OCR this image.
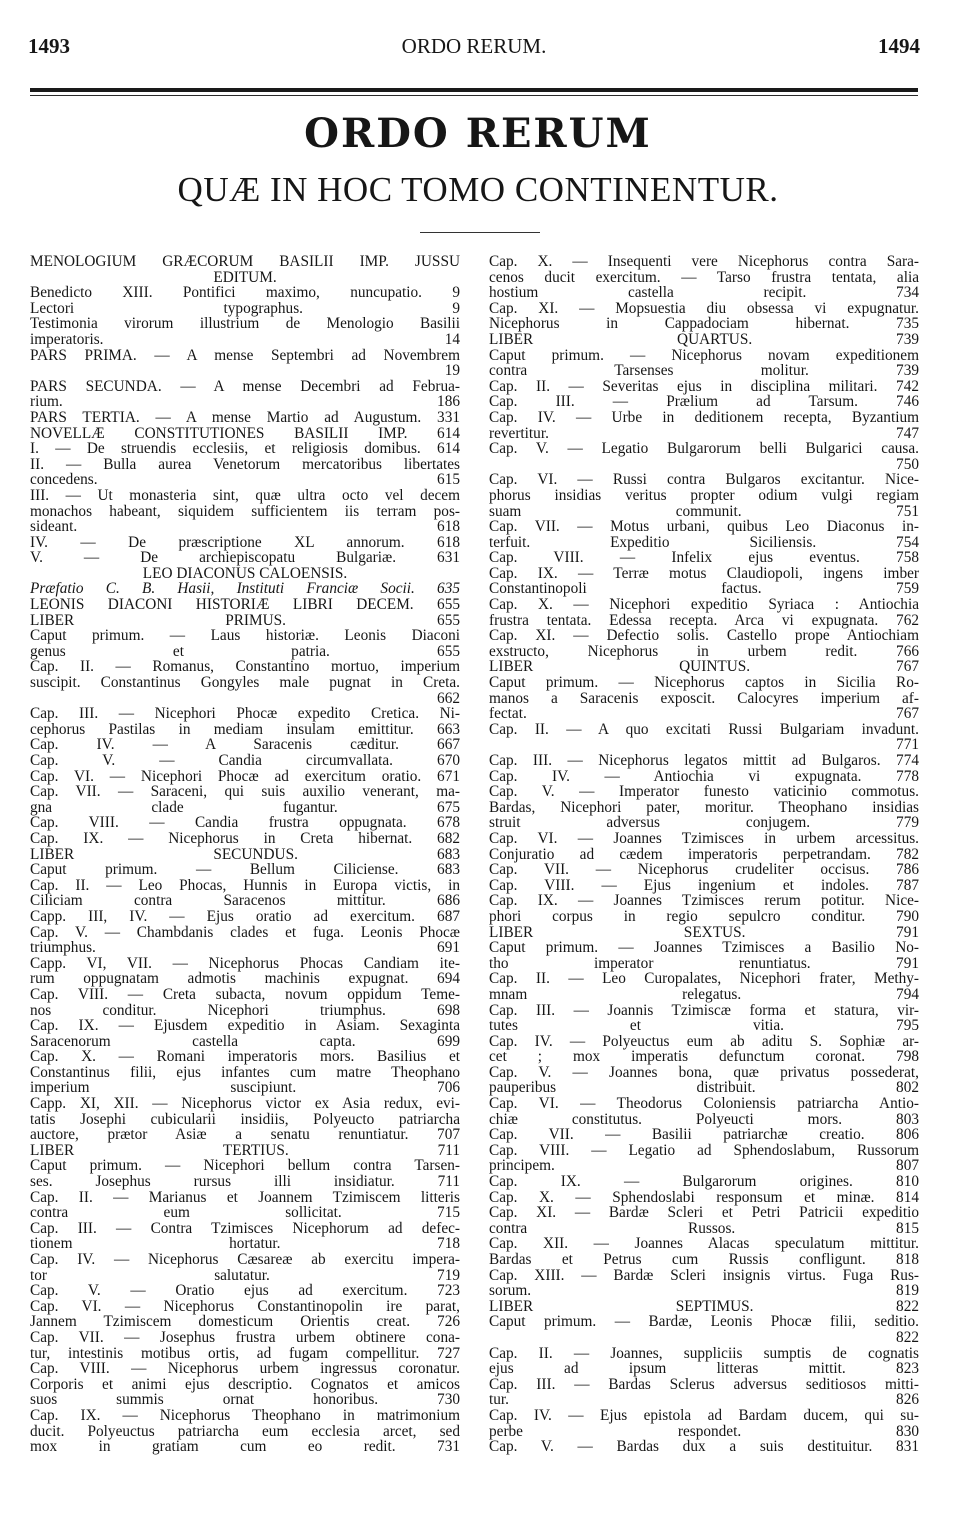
1493	ORDO RERUM.	1494
ORDO RERUM
QUÆ IN HOC TOMO CONTINENTUR.
MENOLOGIUM GRÆCORUM BASILII IMP. JUSSU
EDITUM.
Benedicto XIII. Pontifici maximo, nuncupatio. 9
Lectori typographus. 9
Testimonia virorum illustrium de Menologio Basilii
imperatoris. 14
PARS PRIMA. — A mense Septembri ad Novembrem
19
PARS SECUNDA. — A mense Decembri ad Februa-
rium. 186
PARS TERTIA. — A mense Martio ad Augustum. 331
NOVELLÆ CONSTITUTIONES BASILII IMP. 614
I. — De struendis ecclesiis, et religiosis domibus. 614
II. — Bulla aurea Venetorum mercatoribus libertates
concedens. 615
III. — Ut monasteria sint, quæ ultra octo vel decem
monachos habeant, siquidem sufficientem iis terram pos-
sideant. 618
IV. — De præscriptione XL annorum. 618
V. — De archiepiscopatu Bulgariæ. 631
LEO DIACONUS CALOENSIS.
Præfatio C. B. Hasii, Instituti Franciæ Socii. 635
LEONIS DIACONI HISTORIÆ LIBRI DECEM. 655
LIBER PRIMUS. 655
Caput primum. — Laus historiæ. Leonis Diaconi
genus et patria. 655
Cap. II. — Romanus, Constantino mortuo, imperium
suscipit. Constantinus Gongyles male pugnat in Creta.
662
Cap. III. — Nicephori Phocæ expedito Cretica. Ni-
cephorus Pastilas in mediam insulam emittitur. 663
Cap. IV. — A Saracenis cæditur. 667
Cap. V. — Candia circumvallata. 670
Cap. VI. — Nicephori Phocæ ad exercitum oratio. 671
Cap. VII. — Saraceni, qui suis auxilio venerant, ma-
gna clade fugantur. 675
Cap. VIII. — Candia frustra oppugnata. 678
Cap. IX. — Nicephorus in Creta hibernat. 682
LIBER SECUNDUS. 683
Caput primum. — Bellum Ciliciense. 683
Cap. II. — Leo Phocas, Hunnis in Europa victis, in
Ciliciam contra Saracenos mittitur. 686
Capp. III, IV. — Ejus oratio ad exercitum. 687
Cap. V. — Chambdanis clades et fuga. Leonis Phocæ
triumphus. 691
Capp. VI, VII. — Nicephorus Phocas Candiam ite-
rum oppugnatam admotis machinis expugnat. 694
Cap. VIII. — Creta subacta, novum oppidum Teme-
nos conditur. Nicephori triumphus. 698
Cap. IX. — Ejusdem expeditio in Asiam. Sexaginta
Saracenorum castella capta. 699
Cap. X. — Romani imperatoris mors. Basilius et
Constantinus filii, ejus infantes cum matre Theophano
imperium suscipiunt. 706
Capp. XI, XII. — Nicephorus victor ex Asia redux, evi-
tatis Josephi cubicularii insidiis, Polyeucto patriarcha
auctore, prætor Asiæ a senatu renuntiatur. 707
LIBER TERTIUS. 711
Caput primum. — Nicephori bellum contra Tarsen-
ses. Josephus rursus illi insidiatur. 711
Cap. II. — Marianus et Joannem Tzimiscem litteris
contra eum sollicitat. 715
Cap. III. — Contra Tzimisces Nicephorum ad defec-
tionem hortatur. 718
Cap. IV. — Nicephorus Cæsareæ ab exercitu impera-
tor salutatur. 719
Cap. V. — Oratio ejus ad exercitum. 723
Cap. VI. — Nicephorus Constantinopolin ire parat,
Jannem Tzimiscem domesticum Orientis creat. 726
Cap. VII. — Josephus frustra urbem obtinere cona-
tur, intestinis motibus ortis, ad fugam compellitur. 727
Cap. VIII. — Nicephorus urbem ingressus coronatur.
Corporis et animi ejus descriptio. Cognatos et amicos
suos summis ornat honoribus. 730
Cap. IX. — Nicephorus Theophano in matrimonium
ducit. Polyeuctus patriarcha eum ecclesia arcet, sed
mox in gratiam cum eo redit. 731
Cap. X. — Insequenti vere Nicephorus contra Sara-
cenos ducit exercitum. — Tarso frustra tentata, alia
hostium castella recipit. 734
Cap. XI. — Mopsuestia diu obsessa vi expugnatur.
Nicephorus in Cappadociam hibernat. 735
LIBER QUARTUS. 739
Caput primum. — Nicephorus novam expeditionem
contra Tarsenses molitur. 739
Cap. II. — Severitas ejus in disciplina militari. 742
Cap. III. — Prælium ad Tarsum. 746
Cap. IV. — Urbe in deditionem recepta, Byzantium
revertitur. 747
Cap. V. — Legatio Bulgarorum belli Bulgarici causa.
750
Cap. VI. — Russi contra Bulgaros excitantur. Nice-
phorus insidias veritus propter odium vulgi regiam
suam communit. 751
Cap. VII. — Motus urbani, quibus Leo Diaconus in-
terfuit. Expeditio Siciliensis. 754
Cap. VIII. — Infelix ejus eventus. 758
Cap. IX. — Terræ motus Claudiopoli, ingens imber
Constantinopoli factus. 759
Cap. X. — Nicephori expeditio Syriaca : Antiochia
frustra tentata. Edessa recepta. Arca vi expugnata. 762
Cap. XI. — Defectio solis. Castello prope Antiochiam
exstructo, Nicephorus in urbem redit. 766
LIBER QUINTUS. 767
Caput primum. — Nicephorus captos in Sicilia Ro-
manos a Saracenis exposcit. Calocyres imperium af-
fectat. 767
Cap. II. — A quo excitati Russi Bulgariam invadunt.
771
Cap. III. — Nicephorus legatos mittit ad Bulgaros. 774
Cap. IV. — Antiochia vi expugnata. 778
Cap. V. — Imperator funesto vaticinio commotus.
Bardas, Nicephori pater, moritur. Theophano insidias
struit adversus conjugem. 779
Cap. VI. — Joannes Tzimisces in urbem arcessitus.
Conjuratio ad cædem imperatoris perpetrandam. 782
Cap. VII. — Nicephorus crudeliter occisus. 786
Cap. VIII. — Ejus ingenium et indoles. 787
Cap. IX. — Joannes Tzimisces rerum potitur. Nice-
phori corpus in regio sepulcro conditur. 790
LIBER SEXTUS. 791
Caput primum. — Joannes Tzimisces a Basilio No-
tho imperator renuntiatus. 791
Cap. II. — Leo Curopalates, Nicephori frater, Methy-
mnam relegatus. 794
Cap. III. — Joannis Tzimiscæ forma et statura, vir-
tutes et vitia. 795
Cap. IV. — Polyeuctus eum ab aditu S. Sophiæ ar-
cet ; mox imperatis defunctum coronat. 798
Cap. V. — Joannes bona, quæ privatus possederat,
pauperibus distribuit. 802
Cap. VI. — Theodorus Coloniensis patriarcha Antio-
chiæ constitutus. Polyeucti mors. 803
Cap. VII. — Basilii patriarchæ creatio. 806
Cap. VIII. — Legatio ad Sphendoslabum, Russorum
principem. 807
Cap. IX. — Bulgarorum origines. 810
Cap. X. — Sphendoslabi responsum et minæ. 814
Cap. XI. — Bardæ Scleri et Petri Patricii expeditio
contra Russos. 815
Cap. XII. — Joannes Alacas speculatum mittitur.
Bardas et Petrus cum Russis confligunt. 818
Cap. XIII. — Bardæ Scleri insignis virtus. Fuga Rus-
sorum. 819
LIBER SEPTIMUS. 822
Caput primum. — Bardæ, Leonis Phocæ filii, seditio.
822
Cap. II. — Joannes, suppliciis sumptis de cognatis
ejus ad ipsum litteras mittit. 823
Cap. III. — Bardas Sclerus adversus seditiosos mitti-
tur. 826
Cap. IV. — Ejus epistola ad Bardam ducem, qui su-
perbe respondet. 830
Cap. V. — Bardas dux a suis destituitur. 831
